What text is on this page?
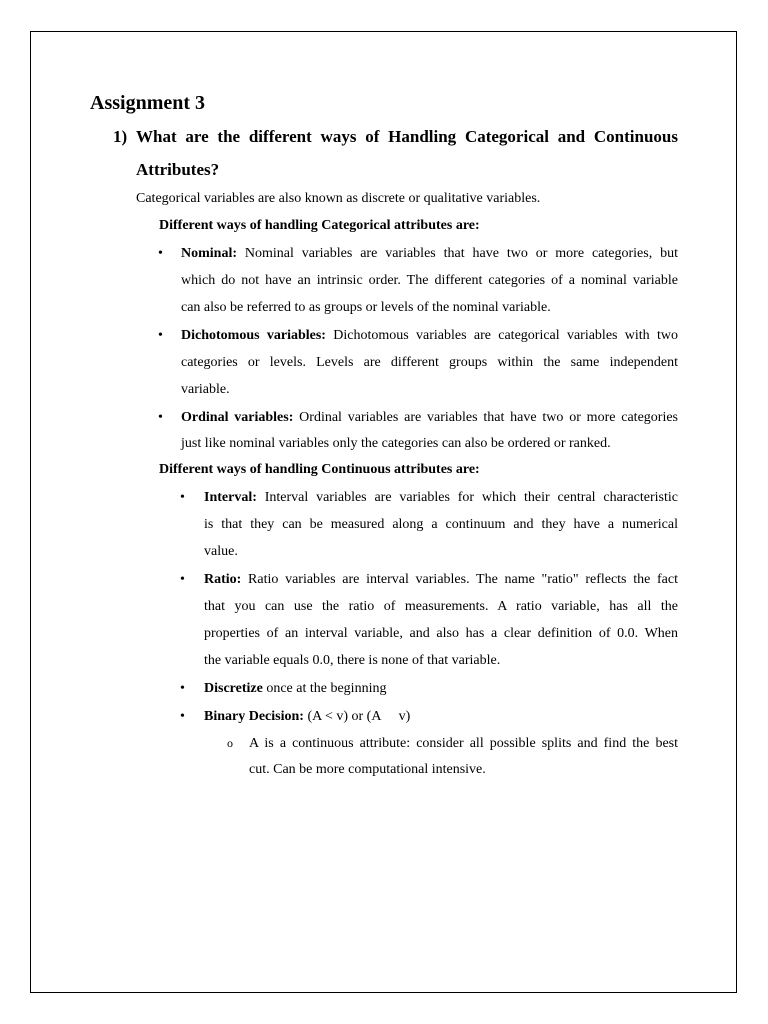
Assignment 3
1) What are the different ways of Handling Categorical and Continuous
Attributes?
Categorical variables are also known as discrete or qualitative variables.
Different ways of handling Categorical attributes are:
• Nominal: Nominal variables are variables that have two or more categories, but
which do not have an intrinsic order. The different categories of a nominal variable
can also be referred to as groups or levels of the nominal variable.
• Dichotomous variables: Dichotomous variables are categorical variables with two
categories or levels. Levels are different groups within the same independent
variable.
• Ordinal variables: Ordinal variables are variables that have two or more categories
just like nominal variables only the categories can also be ordered or ranked.
Different ways of handling Continuous attributes are:
• Interval: Interval variables are variables for which their central characteristic
is that they can be measured along a continuum and they have a numerical
value.
• Ratio: Ratio variables are interval variables. The name "ratio" reflects the fact
that you can use the ratio of measurements. A ratio variable, has all the
properties of an interval variable, and also has a clear definition of 0.0. When
the variable equals 0.0, there is none of that variable.
• Discretize once at the beginning
• Binary Decision: (A < v) or (A v)
o A is a continuous attribute: consider all possible splits and find the best
cut. Can be more computational intensive.
